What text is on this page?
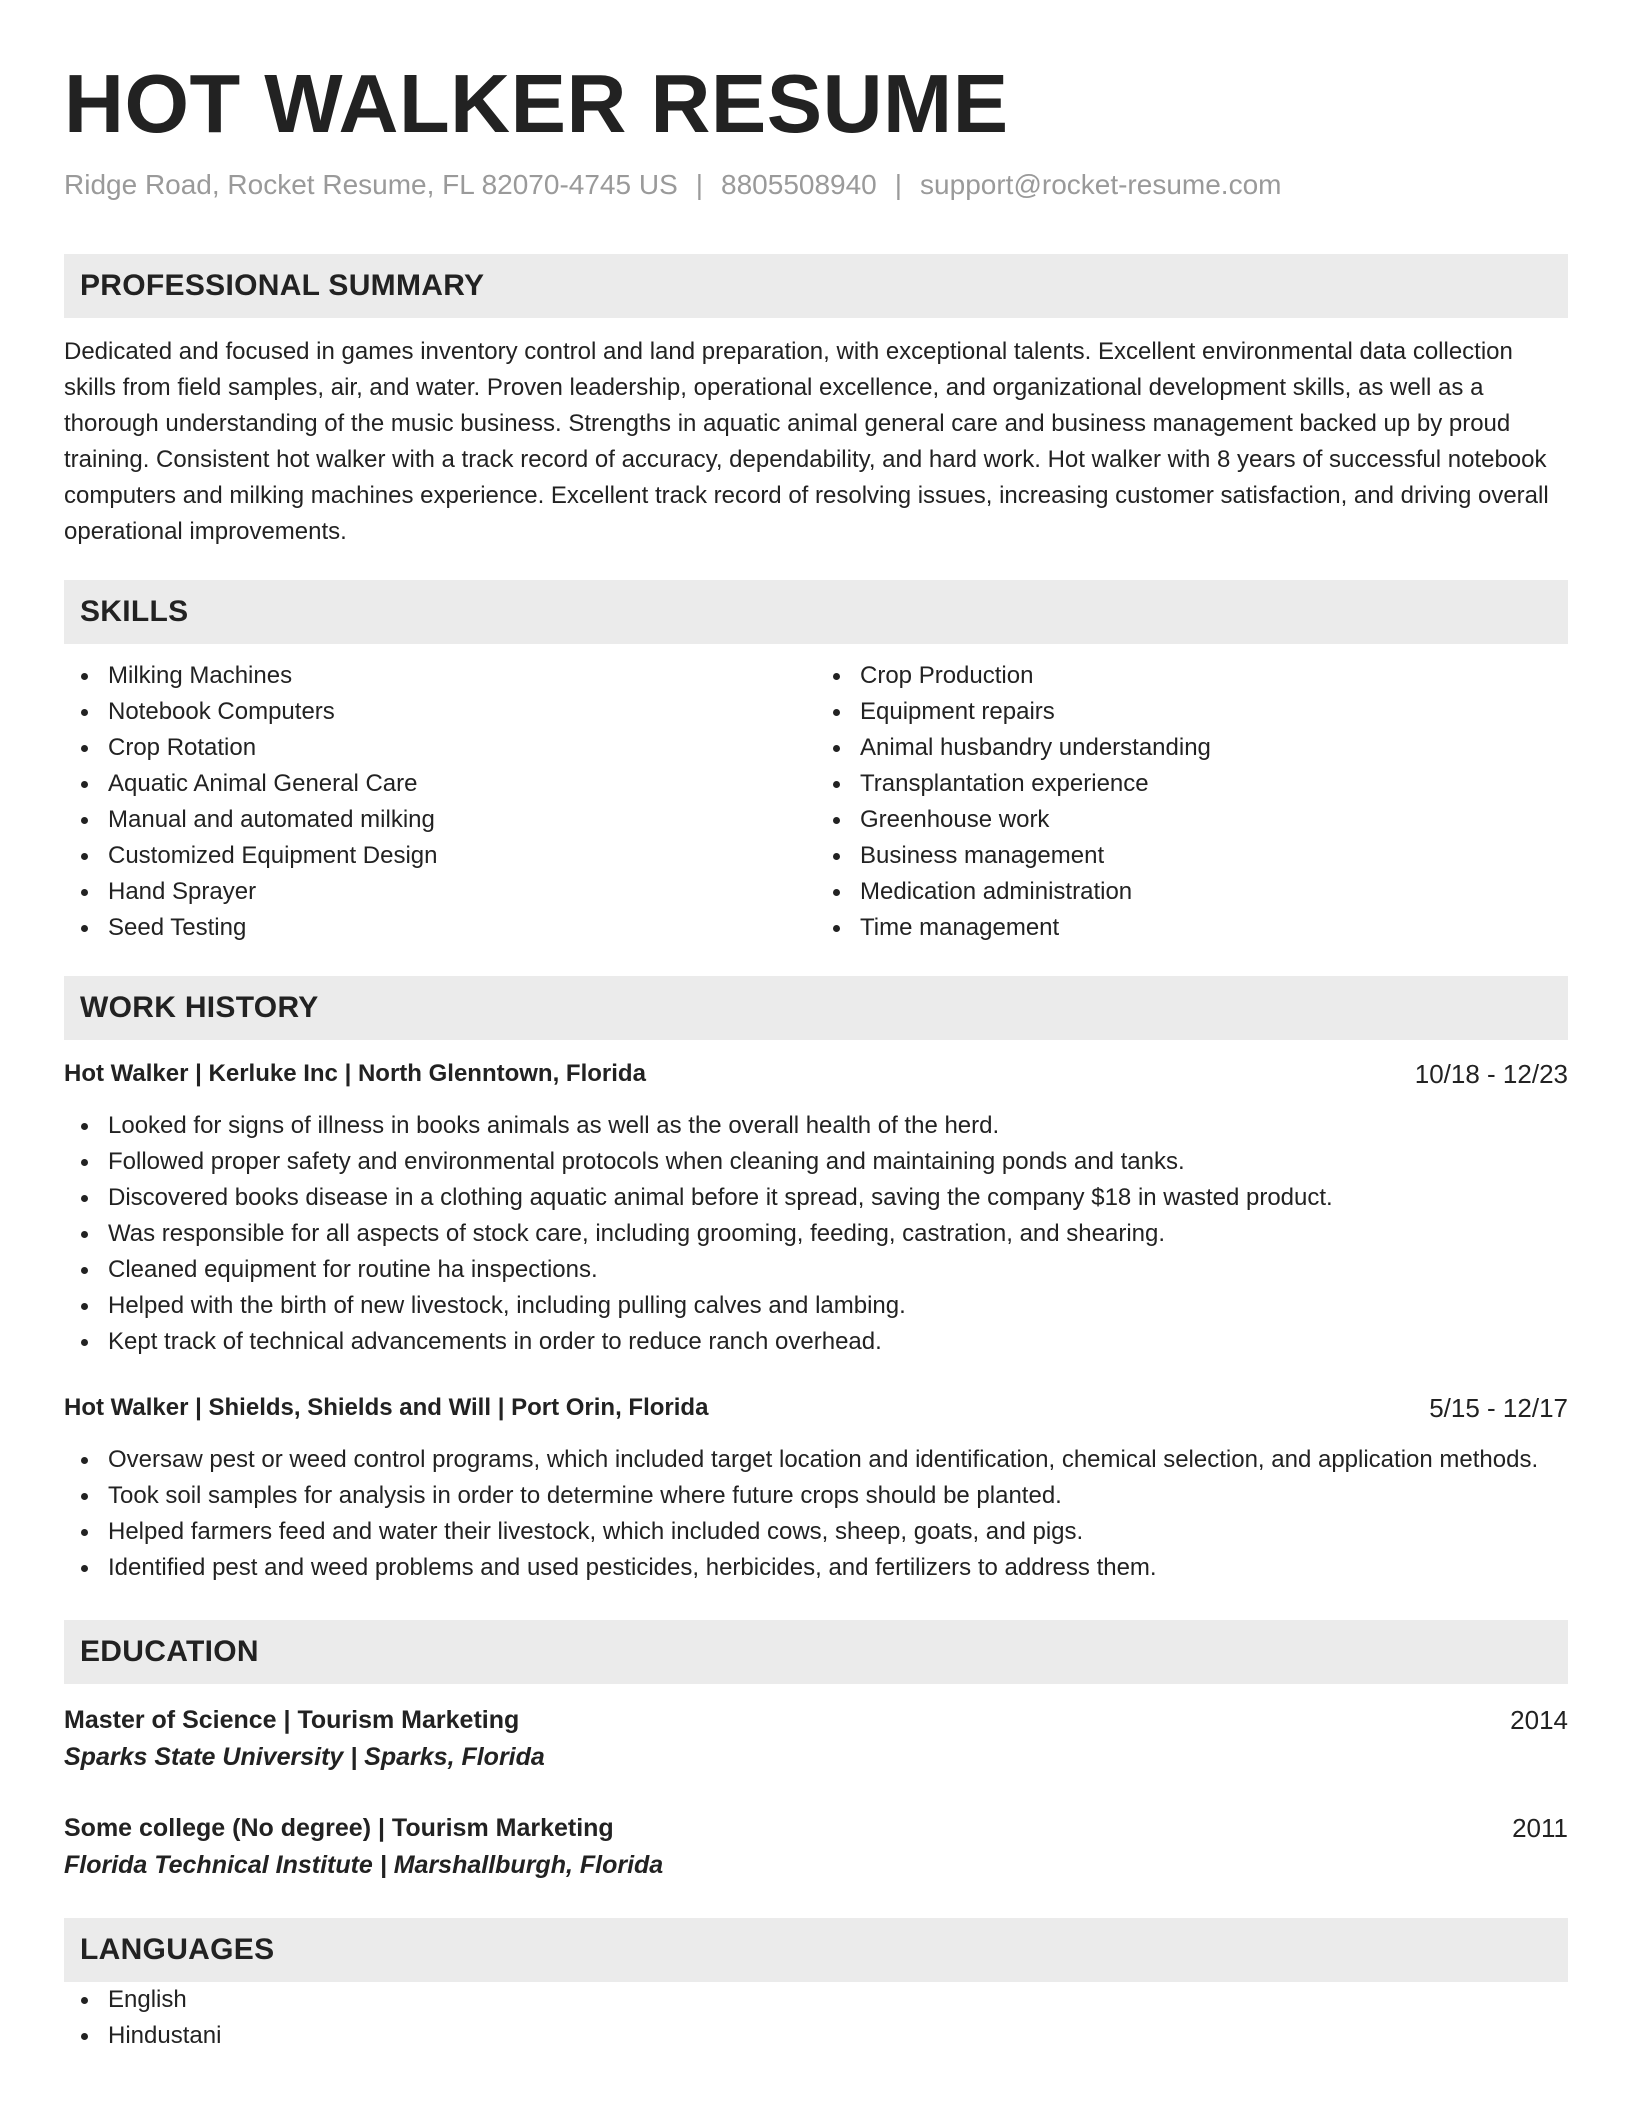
HOT WALKER RESUME
Ridge Road, Rocket Resume, FL 82070-4745 US | 8805508940 | support@rocket-resume.com
PROFESSIONAL SUMMARY

Dedicated and focused in games inventory control and land preparation, with exceptional talents. Excellent environmental data collection skills from field samples, air, and water. Proven leadership, operational excellence, and organizational development skills, as well as a thorough understanding of the music business. Strengths in aquatic animal general care and business management backed up by proud training. Consistent hot walker with a track record of accuracy, dependability, and hard work. Hot walker with 8 years of successful notebook computers and milking machines experience. Excellent track record of resolving issues, increasing customer satisfaction, and driving overall operational improvements.

SKILLS
Milking Machines
Notebook Computers
Crop Rotation
Aquatic Animal General Care
Manual and automated milking
Customized Equipment Design
Hand Sprayer
Seed Testing
Crop Production
Equipment repairs
Animal husbandry understanding
Transplantation experience
Greenhouse work
Business management
Medication administration
Time management
WORK HISTORY
Hot Walker | Kerluke Inc | North Glenntown, Florida	10/18 - 12/23
Looked for signs of illness in books animals as well as the overall health of the herd.
Followed proper safety and environmental protocols when cleaning and maintaining ponds and tanks.
Discovered books disease in a clothing aquatic animal before it spread, saving the company $18 in wasted product.
Was responsible for all aspects of stock care, including grooming, feeding, castration, and shearing.
Cleaned equipment for routine ha inspections.
Helped with the birth of new livestock, including pulling calves and lambing.
Kept track of technical advancements in order to reduce ranch overhead.
Hot Walker | Shields, Shields and Will | Port Orin, Florida	5/15 - 12/17
Oversaw pest or weed control programs, which included target location and identification, chemical selection, and application methods.
Took soil samples for analysis in order to determine where future crops should be planted.
Helped farmers feed and water their livestock, which included cows, sheep, goats, and pigs.
Identified pest and weed problems and used pesticides, herbicides, and fertilizers to address them.
EDUCATION
Master of Science | Tourism Marketing	2014
Sparks State University | Sparks, Florida
Some college (No degree) | Tourism Marketing	2011
Florida Technical Institute | Marshallburgh, Florida
LANGUAGES
English
Hindustani
